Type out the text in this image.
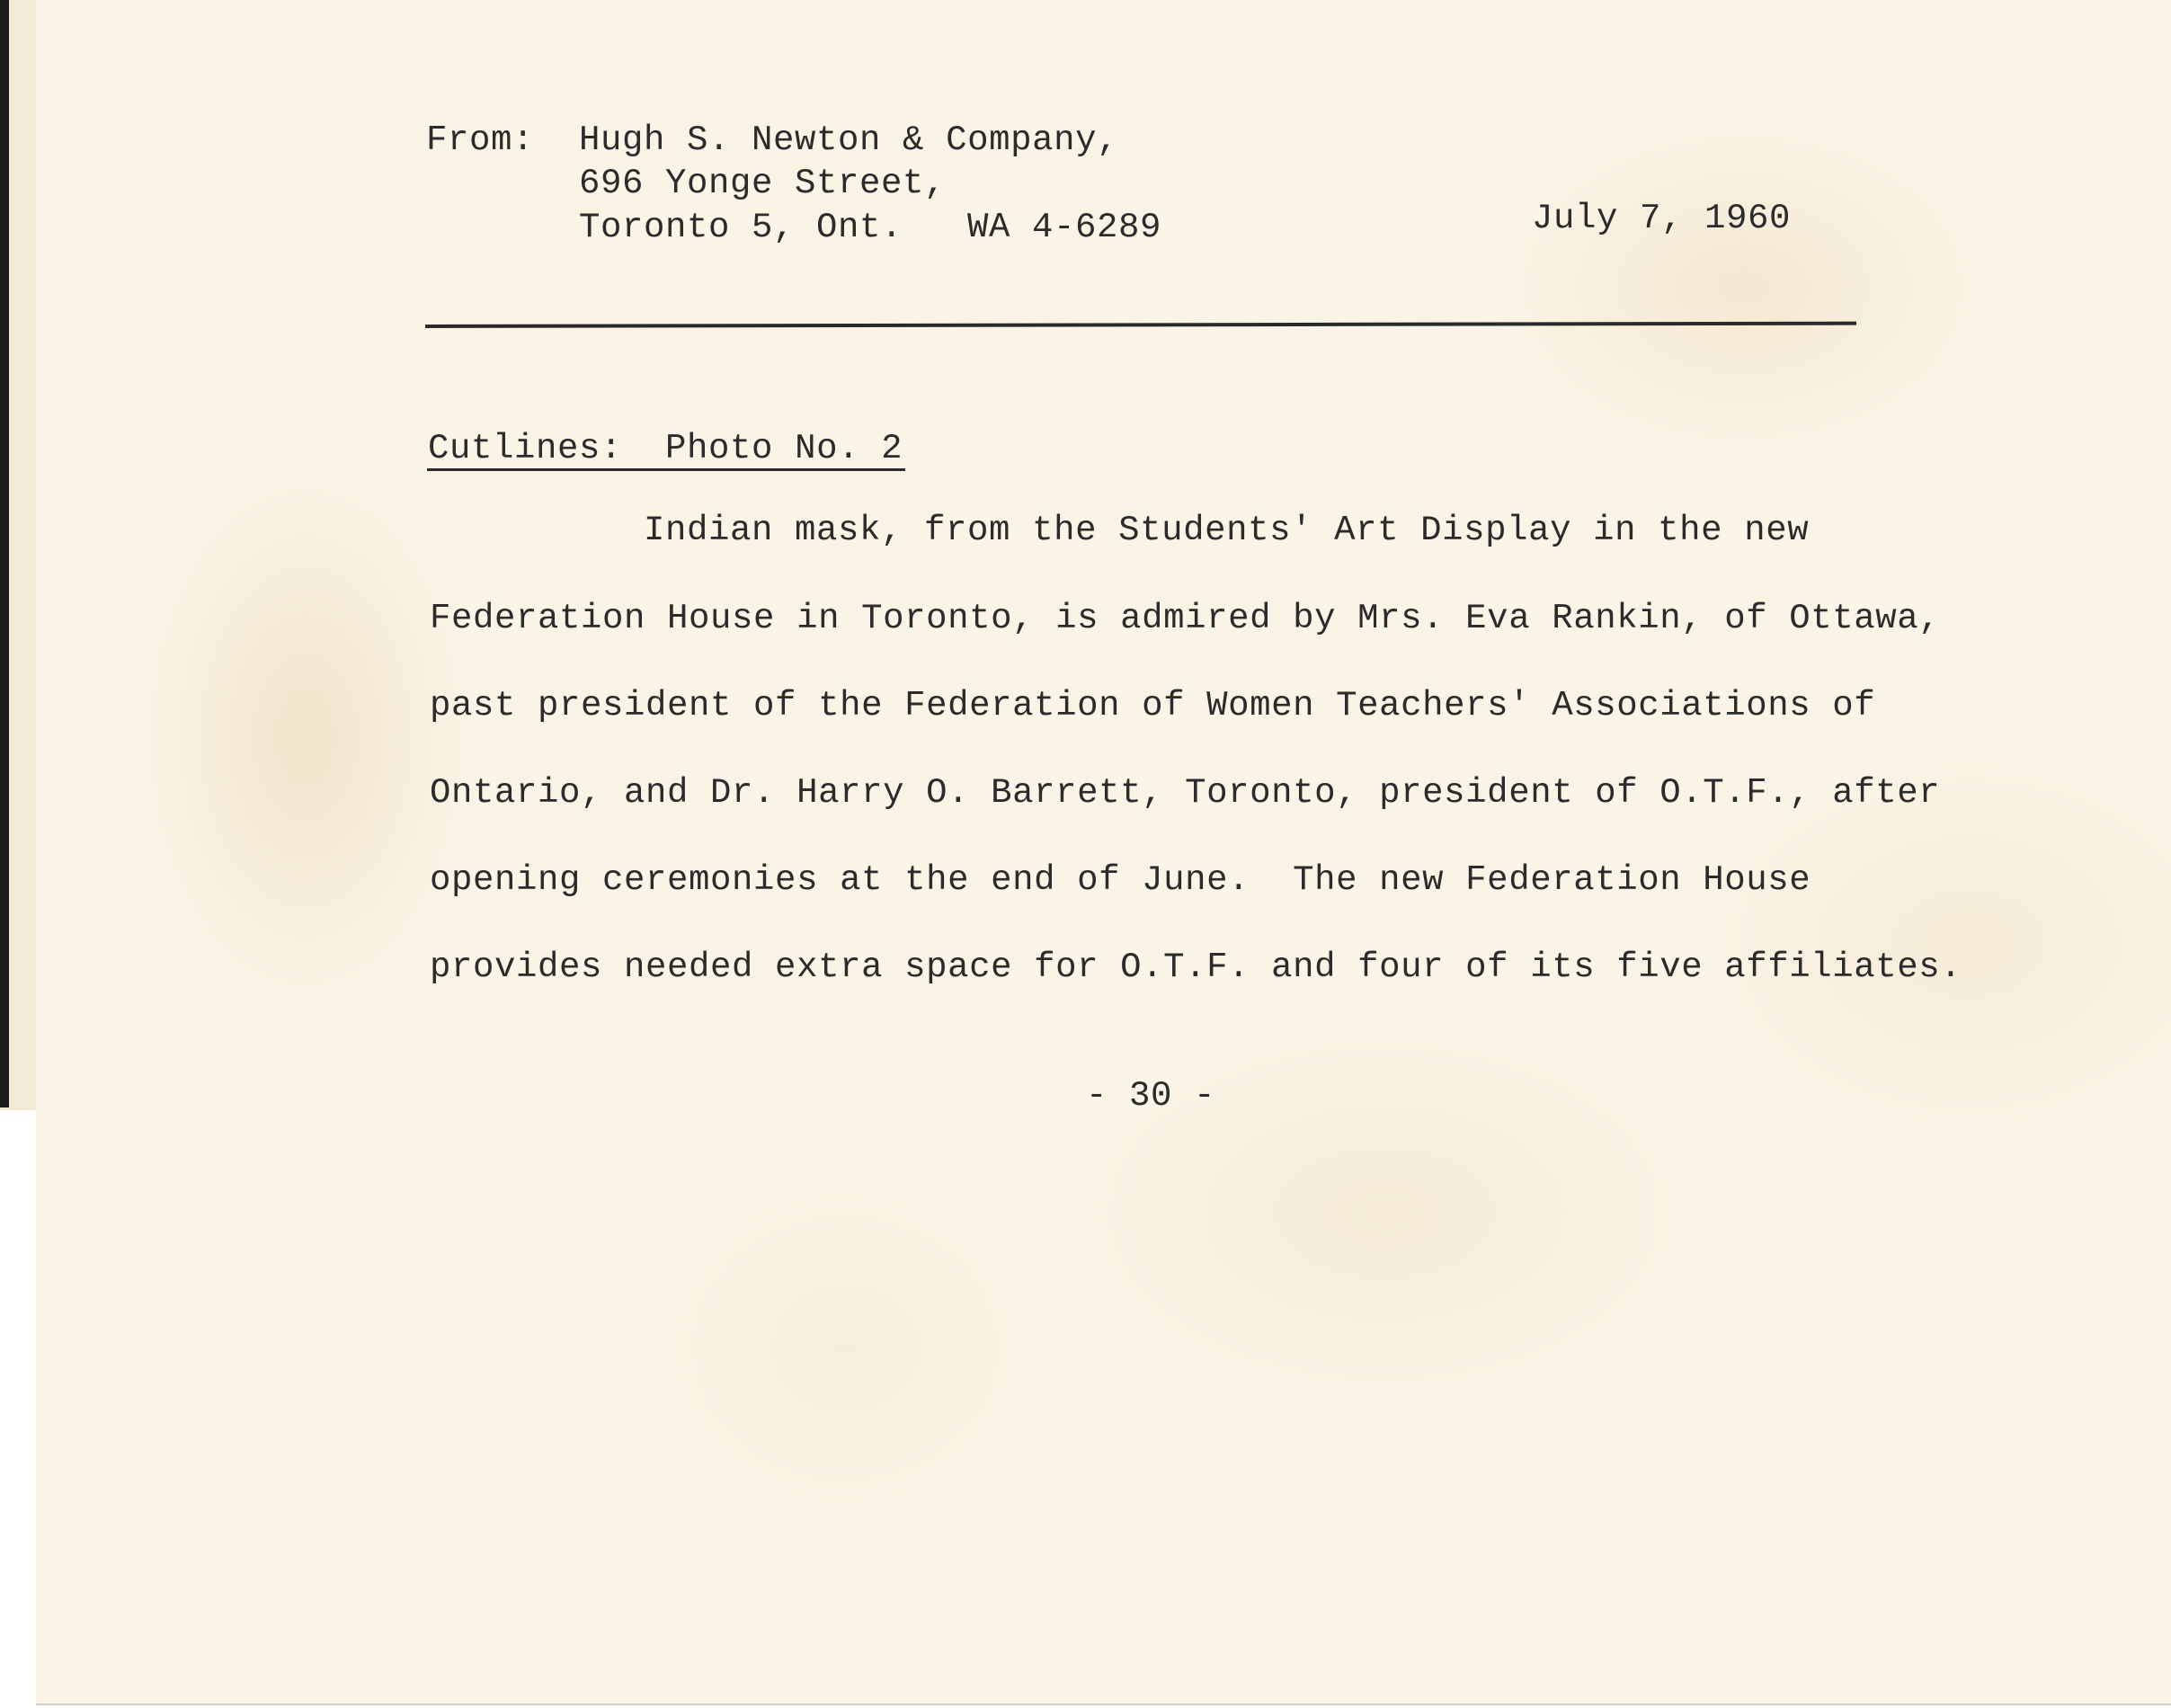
From: Hugh S. Newton & Company,
696 Yonge Street,
Toronto 5, Ont. WA 4-6289	July 7, 1960
Cutlines:  Photo No. 2
Indian mask, from the Students' Art Display in the new
Federation House in Toronto, is admired by Mrs. Eva Rankin, of Ottawa,
past president of the Federation of Women Teachers' Associations of
Ontario, and Dr. Harry O. Barrett, Toronto, president of O.T.F., after
opening ceremonies at the end of June.  The new Federation House
provides needed extra space for O.T.F. and four of its five affiliates.
- 30 -
